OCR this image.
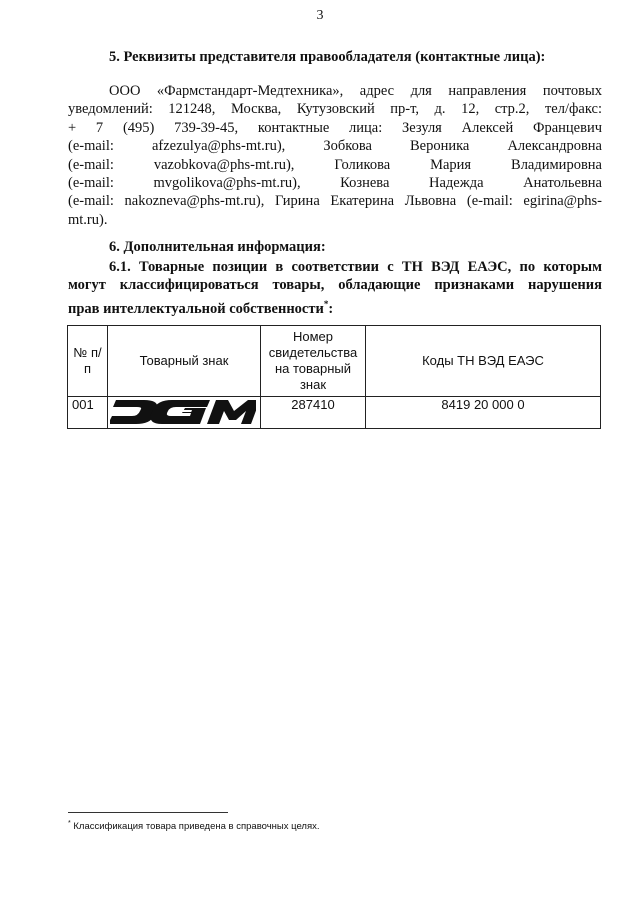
3
5. Реквизиты представителя правообладателя (контактные лица):
ООО «Фармстандарт-Медтехника», адрес для направления почтовых
уведомлений: 121248, Москва, Кутузовский пр-т, д. 12, стр.2, тел/факс:
+ 7 (495) 739-39-45, контактные лица: Зезуля Алексей Францевич
(e-mail: afzezulya@phs-mt.ru), Зобкова Вероника Александровна
(e-mail: vazobkova@phs-mt.ru), Голикова Мария Владимировна
(e-mail: mvgolikova@phs-mt.ru), Кознева Надежда Анатольевна
(e-mail: nakozneva@phs-mt.ru), Гирина Екатерина Львовна (e-mail: egirina@phs-
mt.ru).
6. Дополнительная информация:
6.1. Товарные позиции в соответствии с ТН ВЭД ЕАЭС, по которым
могут классифицироваться товары, обладающие признаками нарушения
прав интеллектуальной собственности*:
№ п/п	Товарный знак	Номер свидетельства на товарный знак	Коды ТН ВЭД ЕАЭС
001		287410	8419 20 000 0
* Классификация товара приведена в справочных целях.
